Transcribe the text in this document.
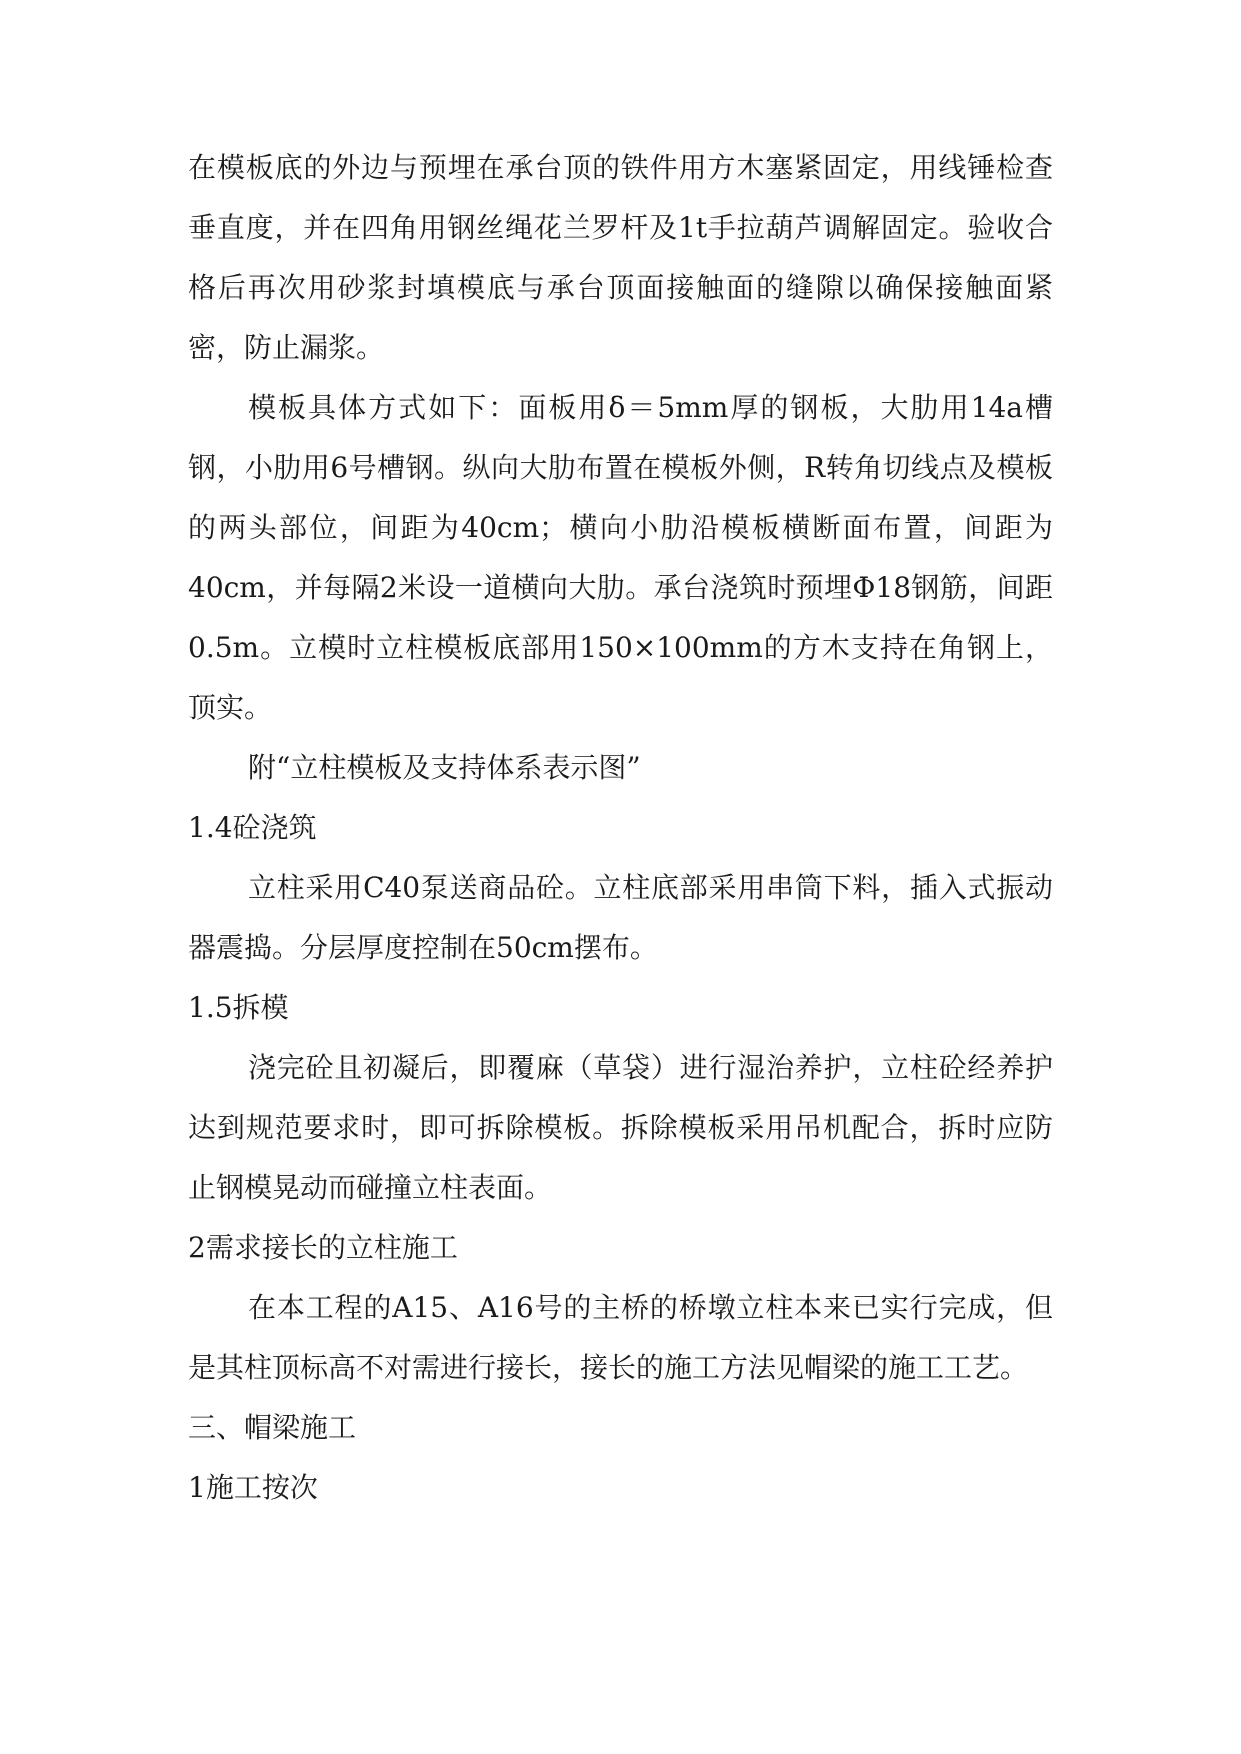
在模板底的外边与预埋在承台顶的铁件用方木塞紧固定，用线锤检查垂直度，并在四角用钢丝绳花兰罗杆及1t手拉葫芦调解固定。验收合格后再次用砂浆封填模底与承台顶面接触面的缝隙以确保接触面紧密，防止漏浆。

模板具体方式如下：面板用δ＝5mm厚的钢板，大肋用14a槽钢，小肋用6号槽钢。纵向大肋布置在模板外侧，R转角切线点及模板的两头部位，间距为40cm；横向小肋沿模板横断面布置，间距为40cm，并每隔2米设一道横向大肋。承台浇筑时预埋Φ18钢筋，间距0.5m。立模时立柱模板底部用150×100mm的方木支持在角钢上，顶实。

附“立柱模板及支持体系表示图”

1.4砼浇筑

立柱采用C40泵送商品砼。立柱底部采用串筒下料，插入式振动器震捣。分层厚度控制在50cm摆布。

1.5拆模

浇完砼且初凝后，即覆麻（草袋）进行湿治养护，立柱砼经养护达到规范要求时，即可拆除模板。拆除模板采用吊机配合，拆时应防止钢模晃动而碰撞立柱表面。

2需求接长的立柱施工

在本工程的A15、A16号的主桥的桥墩立柱本来已实行完成，但是其柱顶标高不对需进行接长，接长的施工方法见帽梁的施工工艺。

三、帽梁施工

1施工按次
